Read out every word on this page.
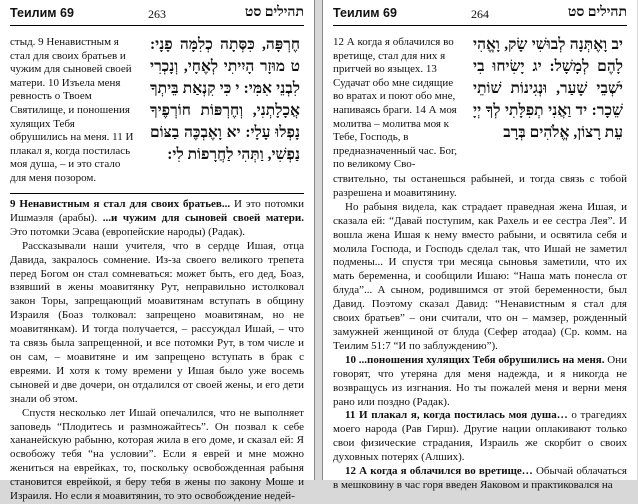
Теилим 69	263	תהילים סט
стыд. 9 Ненавистным я стал для своих братьев и чужим для сыновей своей матери. 10 Изъела меня ревность о Твоем Святилище, и поношения хулящих Тебя обрушились на меня. 11 И плакал я, когда постилась моя душа, – и это стало для меня позором.
חֶרְפָּה, כִּסְּתָה כְלִמָּה פָנָי: ט מוּזָר הָיִיתִי לְאֶחָי, וְנָכְרִי לִבְנֵי אִמִּי: י כִּי קִנְאַת בֵּיתְךָ אֲכָלָתְנִי, וְחֶרְפּוֹת חוֹרְפֶיךָ נָפְלוּ עָלָי: יא וָאֶבְכֶּה בַצּוֹם נַפְשִׁי, וַתְּהִי לַחֲרָפוֹת לִי:

9 Ненавистным я стал для своих братьев... И это потомки Ишмаэля (арабы). ...и чужим для сыновей своей матери. Это потомки Эсава (европейские народы) (Радак).

Рассказывали наши учителя, что в сердце Ишая, отца Давида, закралось сомнение. Из-за своего великого трепета перед Богом он стал сомневаться: может быть, его дед, Боаз, взявший в жены моавитянку Рут, неправильно истолковал закон Торы, запрещающий моавитянам вступать в общину Израиля (Боаз толковал: запрещено моавитянам, но не моавитянкам). И тогда получается, – рассуждал Ишай, – что та связь была запрещенной, и все потомки Рут, в том числе и он сам, – моавитяне и им запрещено вступать в брак с евреями. И хотя к тому времени у Ишая было уже восемь сыновей и две дочери, он отдалился от своей жены, и его дети знали об этом.

Спустя несколько лет Ишай опечалился, что не выполняет заповедь “Плодитесь и размножайтесь”. Он позвал к себе хананейскую рабыню, которая жила в его доме, и сказал ей: Я освобожу тебя “на условии”. Если я еврей и мне можно жениться на еврейках, то, поскольку освобожденная рабыня становится еврейкой, я беру тебя в жены по закону Моше и Израиля. Но если я моавитянин, то это освобождение недей-

Теилим 69	264	תהילים סט
12 А когда я облачился во вретище, стал для них я притчей во языцех. 13 Судачат обо мне сидящие во вратах и поют обо мне, напиваясь браги. 14 А моя молитва – молитва моя к Тебе, Господь, в предназначенный час. Бог, по великому Сво-
יב וָאֶתְּנָה לְבוּשִׁי שָׂק, וָאֱהִי לָהֶם לְמָשָׁל: יג יָשִׂיחוּ בִי יֹשְׁבֵי שָׁעַר, וּנְגִינוֹת שׁוֹתֵי שֵׁכָר: יד וַאֲנִי תְפִלָּתִי לְךָ יְיָ עֵת רָצוֹן, אֱלֹהִים בְּרָב

ствительно, ты останешься рабыней, и тогда связь с тобой разрешена и моавитянину.

Но рабыня видела, как страдает праведная жена Ишая, и сказала ей: “Давай поступим, как Рахель и ее сестра Лея”. И вошла жена Ишая к нему вместо рабыни, и освятила себя и молила Господа, и Господь сделал так, что Ишай не заметил подмены... И спустя три месяца сыновья заметили, что их мать беременна, и сообщили Ишаю: “Наша мать понесла от блуда”... А сыном, родившимся от этой беременности, был Давид. Поэтому сказал Давид: “Ненавистным я стал для своих братьев” – они считали, что он – мамзер, рожденный замужней женщиной от блуда (Сефер атодаа) (Ср. комм. на Теилим 51:7 “И по заблуждению”).

10 ...поношения хулящих Тебя обрушились на меня. Они говорят, что утеряна для меня надежда, и я никогда не возвращусь из изгнания. Но ты пожалей меня и верни меня рано или поздно (Радак).

11 И плакал я, когда постилась моя душа… о трагедиях моего народа (Рав Гирш). Другие нации оплакивают только свои физические страдания, Израиль же скорбит о своих духовных потерях (Алших).

12 А когда я облачился во вретище… Обычай облачаться в мешковину в час горя введен Яаковом и практиковался на
